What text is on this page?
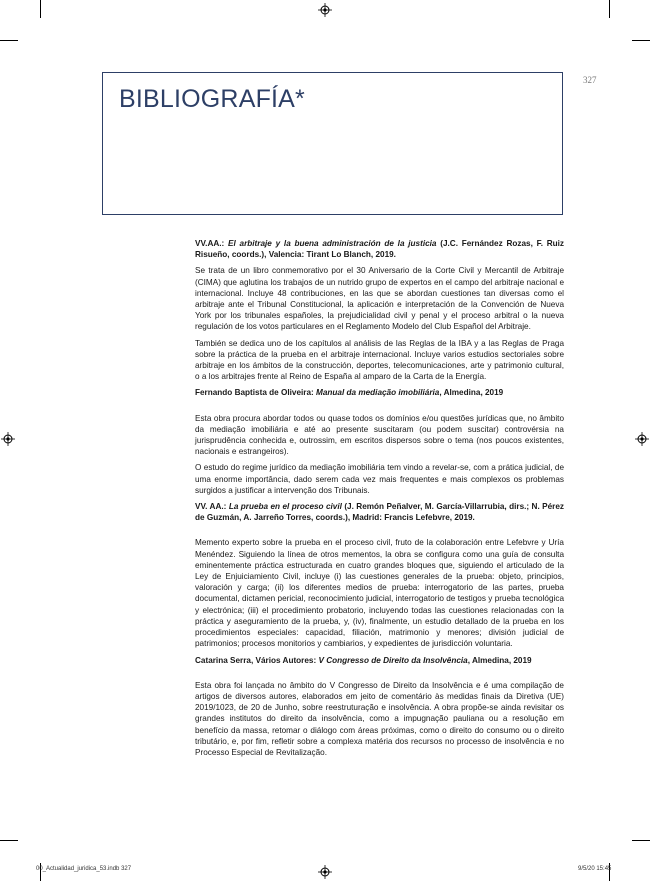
327
BIBLIOGRAFÍA*

VV.AA.: El arbitraje y la buena administración de la justicia (J.C. Fernández Rozas, F. Ruiz Risueño, coords.), Valencia: Tirant Lo Blanch, 2019.

Se trata de un libro conmemorativo por el 30 Aniversario de la Corte Civil y Mercantil de Arbitraje (CIMA) que aglutina los trabajos de un nutrido grupo de expertos en el campo del arbitraje nacional e internacional. Incluye 48 contribuciones, en las que se abordan cuestiones tan diversas como el arbitraje ante el Tribunal Constitucional, la aplicación e interpretación de la Convención de Nueva York por los tribunales españoles, la prejudicialidad civil y penal y el proceso arbitral o la nueva regulación de los votos particulares en el Reglamento Modelo del Club Español del Arbitraje.

También se dedica uno de los capítulos al análisis de las Reglas de la IBA y a las Reglas de Praga sobre la práctica de la prueba en el arbitraje internacional. Incluye varios estudios sectoriales sobre arbitraje en los ámbitos de la construcción, deportes, telecomunicaciones, arte y patrimonio cultural, o a los arbitrajes frente al Reino de España al amparo de la Carta de la Energía.

Fernando Baptista de Oliveira: Manual da mediação imobiliária, Almedina, 2019

Esta obra procura abordar todos ou quase todos os domínios e/ou questões jurídicas que, no âmbito da mediação imobiliária e até ao presente suscitaram (ou podem suscitar) controvérsia na jurisprudência conhecida e, outrossim, em escritos dispersos sobre o tema (nos poucos existentes, nacionais e estrangeiros).

O estudo do regime jurídico da mediação imobiliária tem vindo a revelar-se, com a prática judicial, de uma enorme importância, dado serem cada vez mais frequentes e mais complexos os problemas surgidos a justificar a intervenção dos Tribunais.

VV. AA.: La prueba en el proceso civil (J. Remón Peñalver, M. García-Villarrubia, dirs.; N. Pérez de Guzmán, A. Jarreño Torres, coords.), Madrid: Francis Lefebvre, 2019.

Memento experto sobre la prueba en el proceso civil, fruto de la colaboración entre Lefebvre y Uría Menéndez. Siguiendo la línea de otros mementos, la obra se configura como una guía de consulta eminentemente práctica estructurada en cuatro grandes bloques que, siguiendo el articulado de la Ley de Enjuiciamiento Civil, incluye (i) las cuestiones generales de la prueba: objeto, principios, valoración y carga; (ii) los diferentes medios de prueba: interrogatorio de las partes, prueba documental, dictamen pericial, reconocimiento judicial, interrogatorio de testigos y prueba tecnológica y electrónica; (iii) el procedimiento probatorio, incluyendo todas las cuestiones relacionadas con la práctica y aseguramiento de la prueba, y, (iv), finalmente, un estudio detallado de la prueba en los procedimientos especiales: capacidad, filiación, matrimonio y menores; división judicial de patrimonios; procesos monitorios y cambiarios, y expedientes de jurisdicción voluntaria.

Catarina Serra, Vários Autores: V Congresso de Direito da Insolvência, Almedina, 2019

Esta obra foi lançada no âmbito do V Congresso de Direito da Insolvência e é uma compilação de artigos de diversos autores, elaborados em jeito de comentário às medidas finais da Diretiva (UE) 2019/1023, de 20 de Junho, sobre reestruturação e insolvência. A obra propõe-se ainda revisitar os grandes institutos do direito da insolvência, como a impugnação pauliana ou a resolução em benefício da massa, retomar o diálogo com áreas próximas, como o direito do consumo ou o direito tributário, e, por fim, refletir sobre a complexa matéria dos recursos no processo de insolvência e no Processo Especial de Revitalização.

00_Actualidad_juridica_53.indb 327	9/5/20 15:45
